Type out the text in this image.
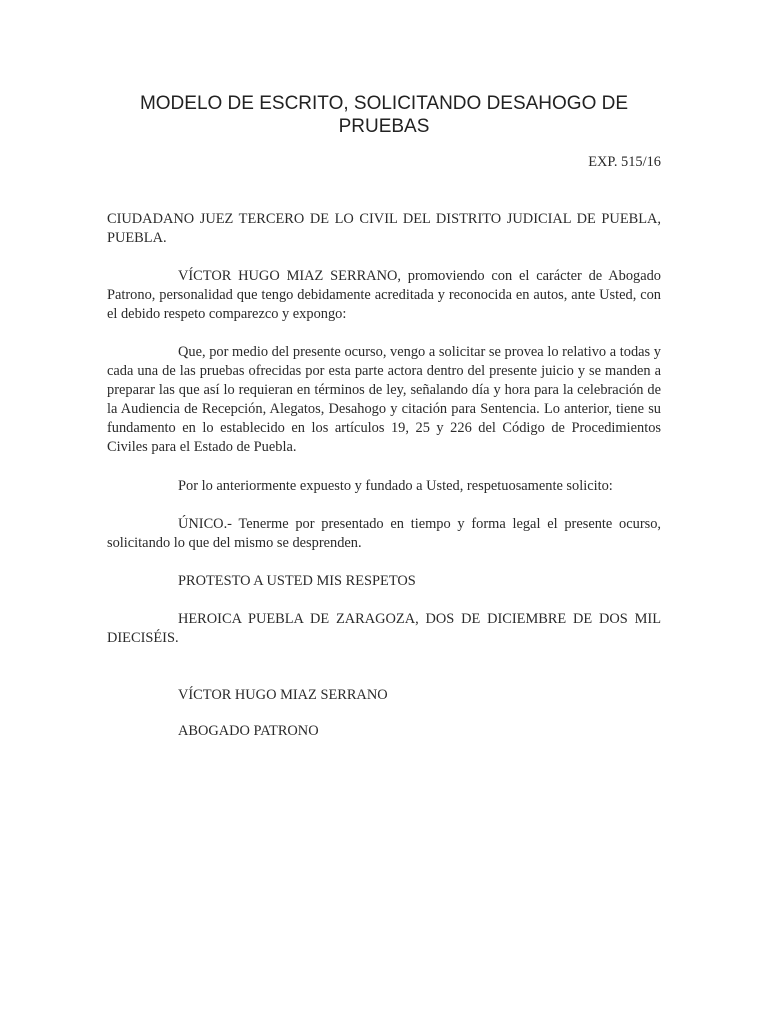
MODELO DE ESCRITO, SOLICITANDO DESAHOGO DE PRUEBAS
EXP. 515/16

CIUDADANO JUEZ TERCERO DE LO CIVIL DEL DISTRITO JUDICIAL DE PUEBLA, PUEBLA.

VÍCTOR HUGO MIAZ SERRANO, promoviendo con el carácter de Abogado Patrono, personalidad que tengo debidamente acreditada y reconocida en autos, ante Usted, con el debido respeto comparezco y expongo:

Que, por medio del presente ocurso, vengo a solicitar se provea lo relativo a todas y cada una de las pruebas ofrecidas por esta parte actora dentro del presente juicio y se manden a preparar las que así lo requieran en términos de ley, señalando día y hora para la celebración de la Audiencia de Recepción, Alegatos, Desahogo y citación para Sentencia. Lo anterior, tiene su fundamento en lo establecido en los artículos 19, 25 y 226 del Código de Procedimientos Civiles para el Estado de Puebla.

Por lo anteriormente expuesto y fundado a Usted, respetuosamente solicito:

ÚNICO.- Tenerme por presentado en tiempo y forma legal el presente ocurso, solicitando lo que del mismo se desprenden.

PROTESTO A USTED MIS RESPETOS

HEROICA PUEBLA DE ZARAGOZA, DOS DE DICIEMBRE DE DOS MIL DIECISÉIS.

VÍCTOR HUGO MIAZ SERRANO

ABOGADO PATRONO
